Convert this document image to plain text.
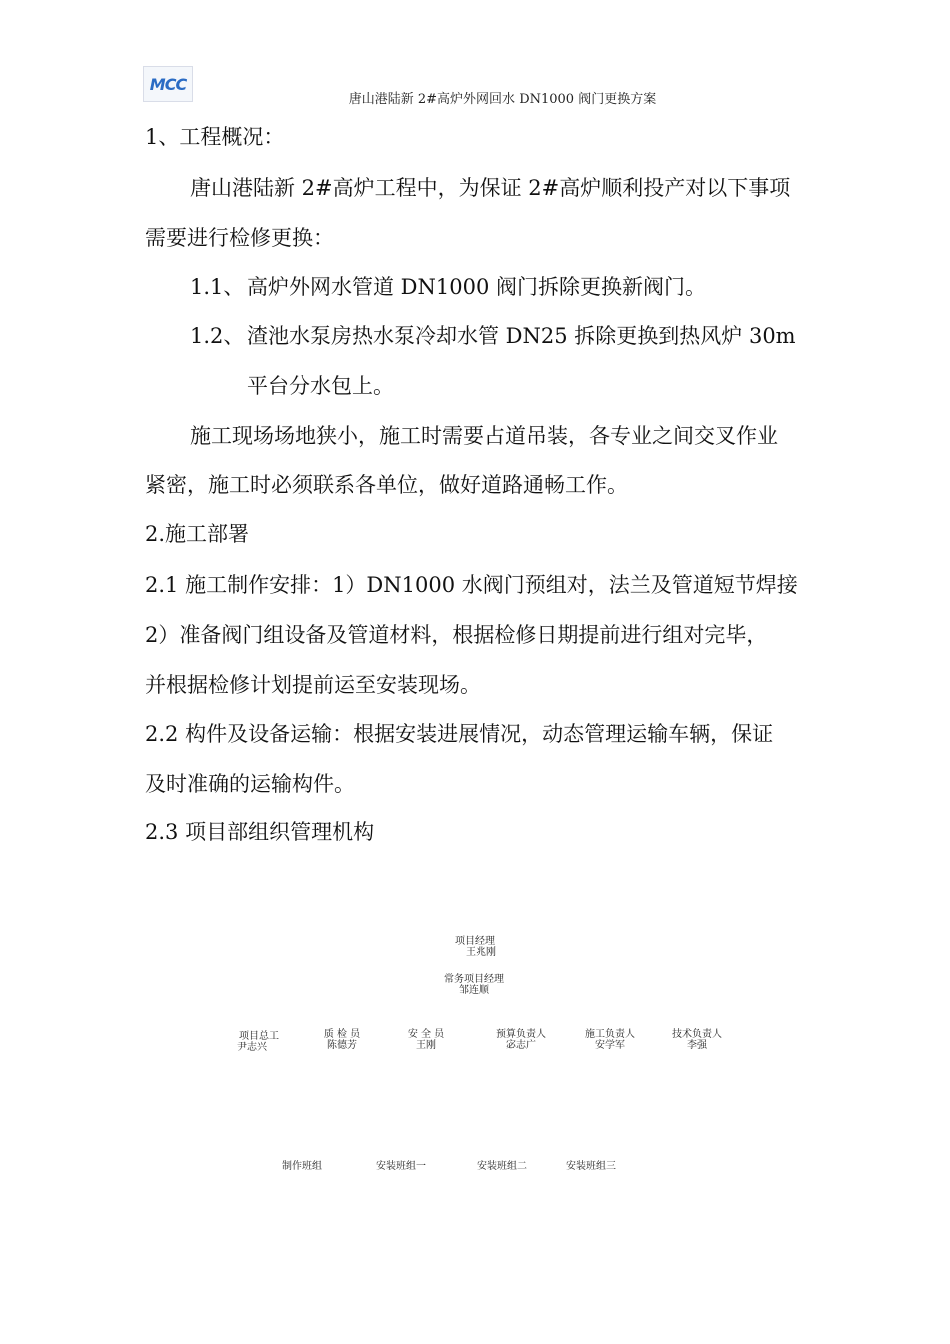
MCC
唐山港陆新 2#高炉外网回水 DN1000 阀门更换方案
1、工程概况：
唐山港陆新 2#高炉工程中，为保证 2#高炉顺利投产对以下事项
需要进行检修更换：
1.1、 高炉外网水管道 DN1000 阀门拆除更换新阀门。
1.2、 渣池水泵房热水泵冷却水管 DN25 拆除更换到热风炉 30m
平台分水包上。
施工现场场地狭小，施工时需要占道吊装，各专业之间交叉作业
紧密，施工时必须联系各单位，做好道路通畅工作。
2.施工部署
2.1 施工制作安排：1）DN1000 水阀门预组对，法兰及管道短节焊接
2）准备阀门组设备及管道材料，根据检修日期提前进行组对完毕，
并根据检修计划提前运至安装现场。
2.2 构件及设备运输：根据安装进展情况，动态管理运输车辆，保证
及时准确的运输构件。
2.3 项目部组织管理机构
项目经理
王兆刚
常务项目经理
邹连顺
项目总工
尹志兴
质 检 员
陈德芳
安 全 员
王刚
预算负责人
宓志广
施工负责人
安学军
技术负责人
李强
制作班组	安装班组一	安装班组二	安装班组三
